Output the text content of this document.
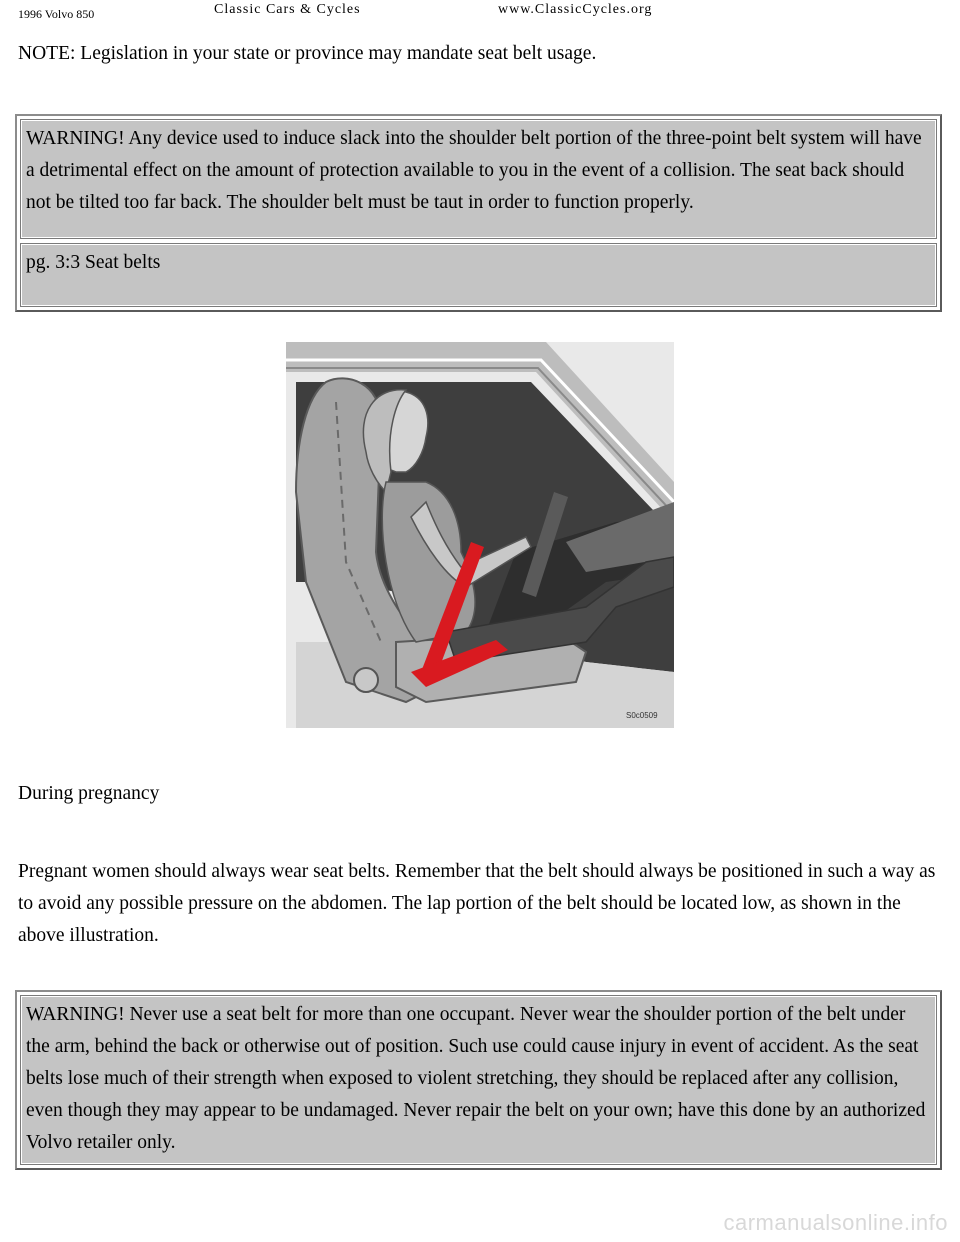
1996 Volvo 850	Classic Cars & Cycles	www.ClassicCycles.org

NOTE: Legislation in your state or province may mandate seat belt usage.

WARNING! Any device used to induce slack into the shoulder belt portion of the three-point belt system will have a detrimental effect on the amount of protection available to you in the event of a collision. The seat back should not be tilted too far back. The shoulder belt must be taut in order to function properly.
pg. 3:3 Seat belts
S0c0509

During pregnancy

Pregnant women should always wear seat belts. Remember that the belt should always be positioned in such a way as to avoid any possible pressure on the abdomen. The lap portion of the belt should be located low, as shown in the above illustration.

WARNING! Never use a seat belt for more than one occupant. Never wear the shoulder portion of the belt under the arm, behind the back or otherwise out of position. Such use could cause injury in event of accident. As the seat belts lose much of their strength when exposed to violent stretching, they should be replaced after any collision, even though they may appear to be undamaged. Never repair the belt on your own; have this done by an authorized Volvo retailer only.
carmanualsonline.info
